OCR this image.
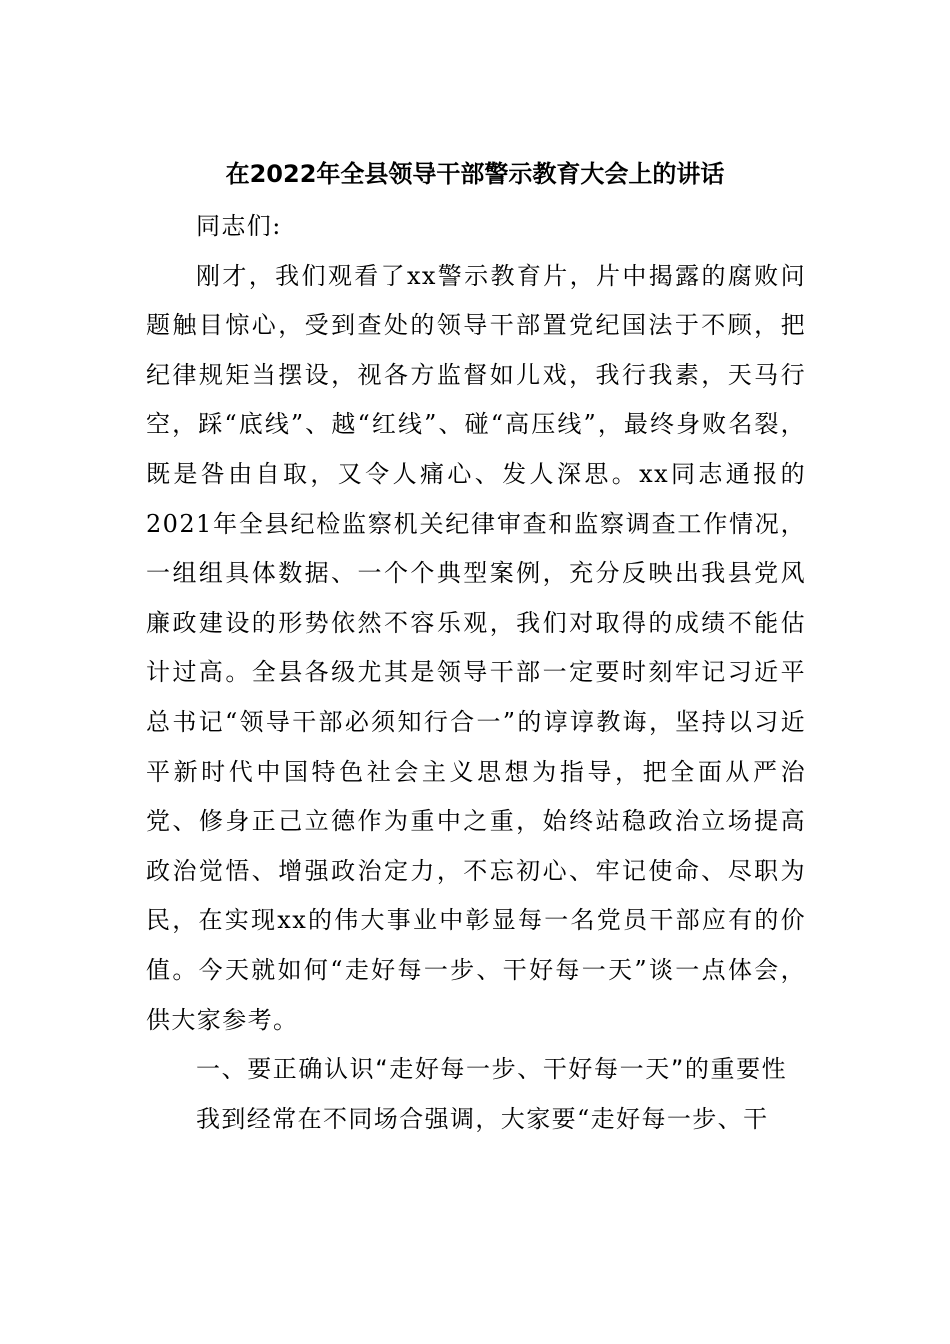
在2022年全县领导干部警示教育大会上的讲话

同志们:

刚才，我们观看了xx警示教育片，片中揭露的腐败问题触目惊心，受到查处的领导干部置党纪国法于不顾，把纪律规矩当摆设，视各方监督如儿戏，我行我素，天马行空，踩“底线”、越“红线”、碰“高压线”，最终身败名裂，既是咎由自取，又令人痛心、发人深思。xx同志通报的2021年全县纪检监察机关纪律审查和监察调查工作情况，一组组具体数据、一个个典型案例，充分反映出我县党风廉政建设的形势依然不容乐观，我们对取得的成绩不能估计过高。全县各级尤其是领导干部一定要时刻牢记习近平总书记“领导干部必须知行合一”的谆谆教诲，坚持以习近平新时代中国特色社会主义思想为指导，把全面从严治党、修身正己立德作为重中之重，始终站稳政治立场提高政治觉悟、增强政治定力，不忘初心、牢记使命、尽职为民，在实现xx的伟大事业中彰显每一名党员干部应有的价值。今天就如何“走好每一步、干好每一天”谈一点体会，供大家参考。

一、要正确认识“走好每一步、干好每一天”的重要性

我到经常在不同场合强调，大家要“走好每一步、干
